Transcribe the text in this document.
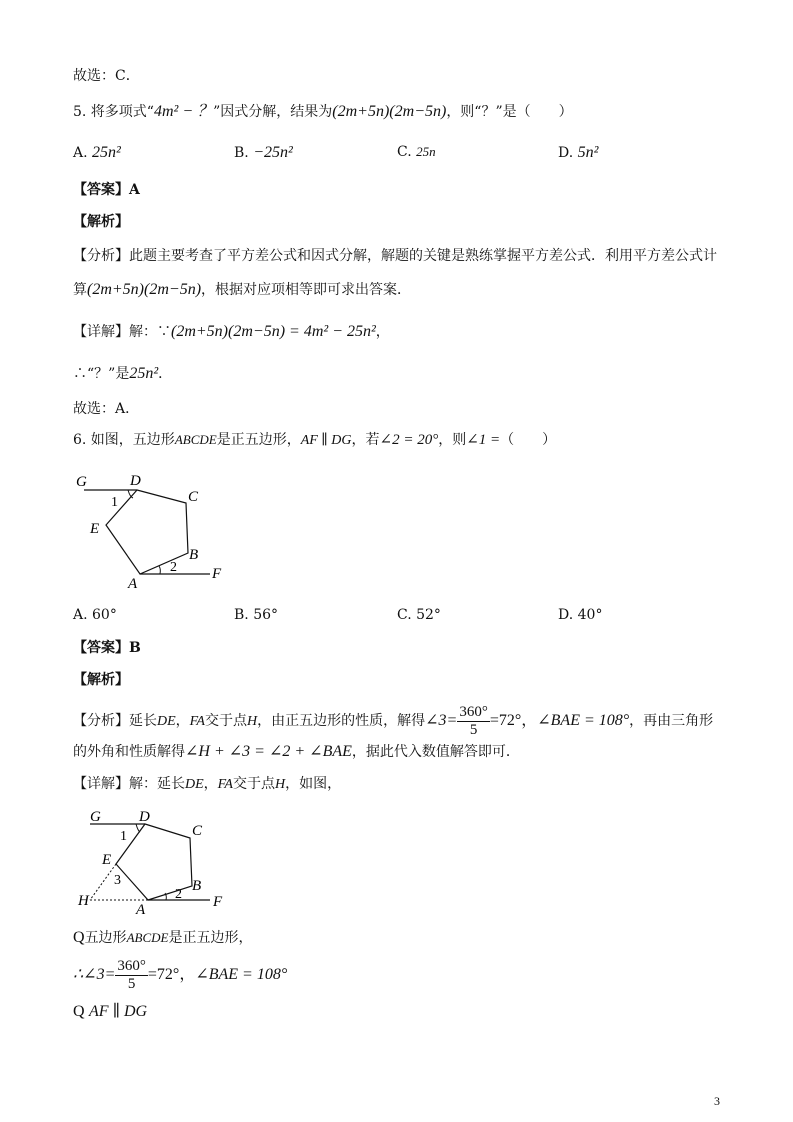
故选：C．
5. 将多项式“4m² − ？”因式分解，结果为(2m+5n)(2m−5n)，则“？”是（　　）
A. 25n²	B. −25n²	C. 25n	D. 5n²
【答案】A
【解析】
【分析】此题主要考查了平方差公式和因式分解，解题的关键是熟练掌握平方差公式．利用平方差公式计
算(2m+5n)(2m−5n)，根据对应项相等即可求出答案．
【详解】解：∵(2m+5n)(2m−5n) = 4m² − 25n²，
∴“？”是25n²．
故选：A．
6. 如图，五边形ABCDE是正五边形，AF ∥ DG，若∠2 = 20°，则∠1 =（　　）
G	D
C
E
B
A
F
1
2
A. 60°	B. 56°	C. 52°	D. 40°
【答案】B
【解析】
【分析】延长DE，FA交于点H，由正五边形的性质，解得∠3= $\frac{360^\circ}{5} =72^\circ$，∠BAE = 108°，再由三角形
的外角和性质解得∠H + ∠3 = ∠2 + ∠BAE，据此代入数值解答即可．
【详解】解：延长DE，FA交于点H，如图，
G	D
C
E
B
A	F
H
1
2
3
Q五边形ABCDE是正五边形，
∴∠3= $\frac{360^\circ}{5} =72^\circ$，∠BAE = 108°
Q AF ∥ DG
3
